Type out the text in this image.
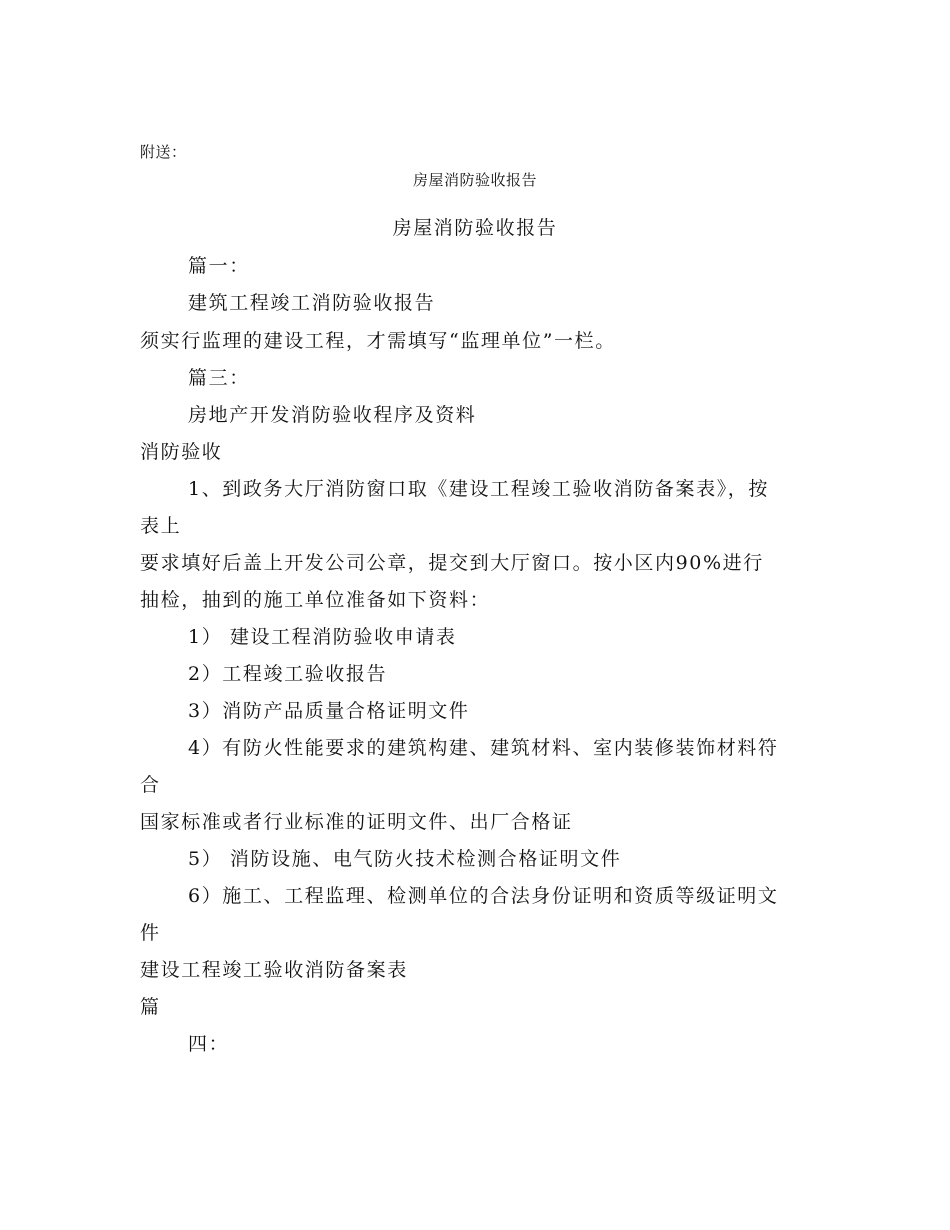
附送：
房屋消防验收报告
房屋消防验收报告
篇一：
建筑工程竣工消防验收报告
须实行监理的建设工程，才需填写“监理单位”一栏。
篇三：
房地产开发消防验收程序及资料
消防验收
1、到政务大厅消防窗口取《建设工程竣工验收消防备案表》，按
表上
要求填好后盖上开发公司公章，提交到大厅窗口。按小区内90%进行
抽检，抽到的施工单位准备如下资料：
1） 建设工程消防验收申请表
2）工程竣工验收报告
3）消防产品质量合格证明文件
4）有防火性能要求的建筑构建、建筑材料、室内装修装饰材料符
合
国家标准或者行业标准的证明文件、出厂合格证
5） 消防设施、电气防火技术检测合格证明文件
6）施工、工程监理、检测单位的合法身份证明和资质等级证明文
件
建设工程竣工验收消防备案表
篇
四：
